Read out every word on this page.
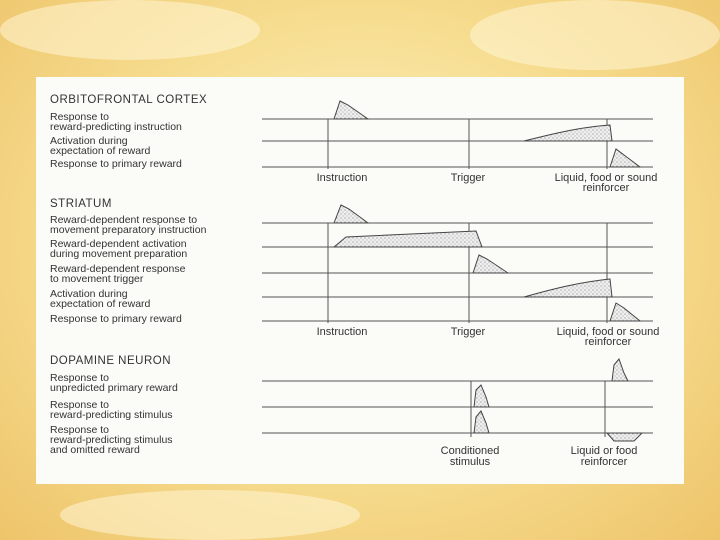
ORBITOFRONTAL CORTEX
Response to
reward-predicting instruction
Activation during
expectation of reward
Response to primary reward
Instruction	Trigger	Liquid, food or sound
reinforcer
STRIATUM
Reward-dependent response to
movement preparatory instruction
Reward-dependent activation
during movement preparation
Reward-dependent response
to movement trigger
Activation during
expectation of reward
Response to primary reward
Instruction	Trigger	Liquid, food or sound
reinforcer
DOPAMINE NEURON
Response to
unpredicted primary reward
Response to
reward-predicting stimulus
Response to
reward-predicting stimulus
and omitted reward	Conditioned
stimulus
Liquid or food
reinforcer
